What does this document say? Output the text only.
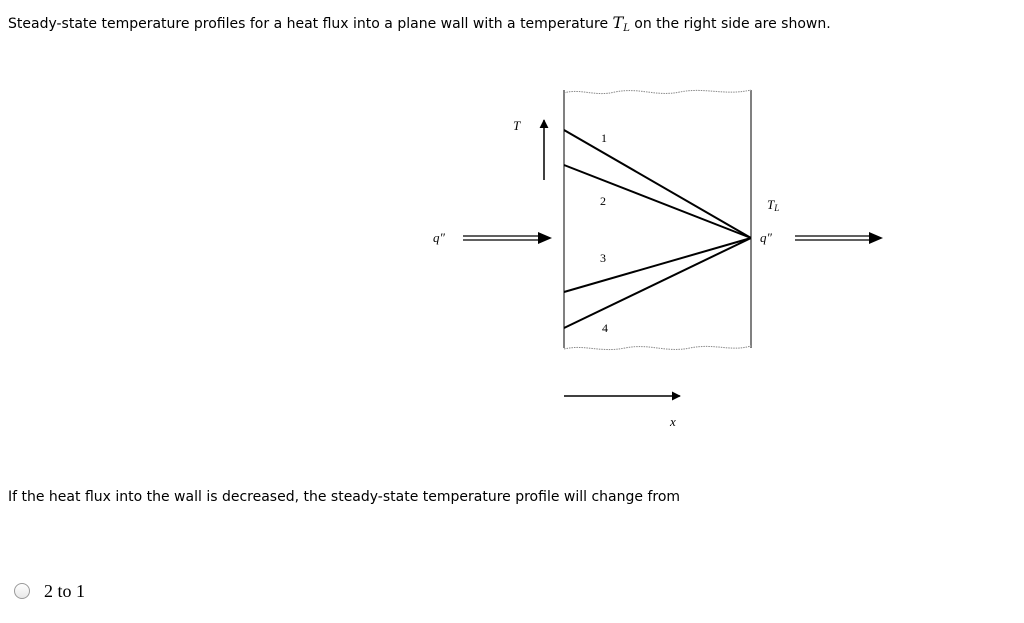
Steady-state temperature profiles for a heat flux into a plane wall with a temperature $T_L$ on the right side are shown.
T
1
2
3
4
q″	q″
TL
x
If the heat flux into the wall is decreased, the steady-state temperature profile will change from
2 to 1
